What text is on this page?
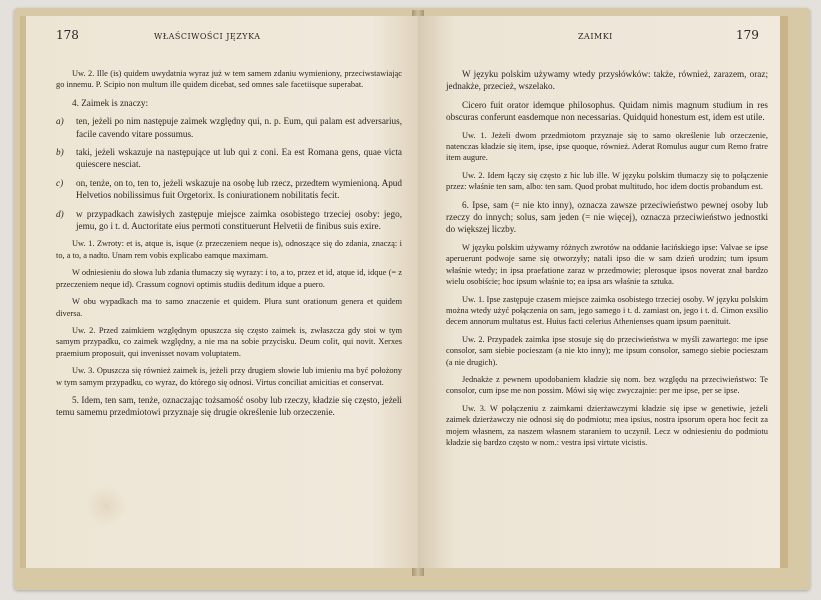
178	WŁAŚCIWOŚCI JĘZYKA

Uw. 2. Ille (is) quidem uwydatnia wyraz już w tem samem zdaniu wymieniony, przeciwstawiając go innemu. P. Scipio non multum ille quidem dicebat, sed omnes sale facetiisque superabat.

4. Zaimek is znaczy:

a) ten, jeżeli po nim następuje zaimek względny qui, n. p. Eum, qui palam est adversarius, facile cavendo vitare possumus.
b) taki, jeżeli wskazuje na następujące ut lub qui z coni. Ea est Romana gens, quae victa quiescere nesciat.
c) on, tenże, on to, ten to, jeżeli wskazuje na osobę lub rzecz, przedtem wymienioną. Apud Helvetios nobilissimus fuit Orgetorix. Is coniurationem nobilitatis fecit.
d) w przypadkach zawisłych zastępuje miejsce zaimka osobistego trzeciej osoby: jego, jemu, go i t. d. Auctoritate eius permoti constituerunt Helvetii de finibus suis exire.

Uw. 1. Zwroty: et is, atque is, isque (z przeczeniem neque is), odnoszące się do zdania, znaczą: i to, a to, a nadto. Unam rem vobis explicabo eamque maximam.

W odniesieniu do słowa lub zdania tłumaczy się wyrazy: i to, a to, przez et id, atque id, idque (= z przeczeniem neque id). Crassum cognovi optimis studiis deditum idque a puero.

W obu wypadkach ma to samo znaczenie et quidem. Plura sunt orationum genera et quidem diversa.

Uw. 2. Przed zaimkiem względnym opuszcza się często zaimek is, zwłaszcza gdy stoi w tym samym przypadku, co zaimek względny, a nie ma na sobie przycisku. Deum colit, qui novit. Xerxes praemium proposuit, qui invenisset novam voluptatem.

Uw. 3. Opuszcza się również zaimek is, jeżeli przy drugiem słowie lub imieniu ma być położony w tym samym przypadku, co wyraz, do którego się odnosi. Virtus conciliat amicitias et conservat.

5. Idem, ten sam, tenże, oznaczając tożsamość osoby lub rzeczy, kładzie się często, jeżeli temu samemu przedmiotowi przyznaje się drugie określenie lub orzeczenie.

ZAIMKI	179

W języku polskim używamy wtedy przysłówków: także, również, zarazem, oraz; jednakże, przecież, wszelako.

Cicero fuit orator idemque philosophus. Quidam nimis magnum studium in res obscuras conferunt easdemque non necessarias. Quidquid honestum est, idem est utile.

Uw. 1. Jeżeli dwom przedmiotom przyznaje się to samo określenie lub orzeczenie, natenczas kładzie się item, ipse, ipse quoque, również. Aderat Romulus augur cum Remo fratre item augure.

Uw. 2. Idem łączy się często z hic lub ille. W języku polskim tłumaczy się to połączenie przez: właśnie ten sam, albo: ten sam. Quod probat multitudo, hoc idem doctis probandum est.

6. Ipse, sam (= nie kto inny), oznacza zawsze przeciwieństwo pewnej osoby lub rzeczy do innych; solus, sam jeden (= nie więcej), oznacza przeciwieństwo jednostki do większej liczby.

W języku polskim używamy różnych zwrotów na oddanie łacińskiego ipse: Valvae se ipse aperuerunt podwoje same się otworzyły; natali ipso die w sam dzień urodzin; tum ipsum właśnie wtedy; in ipsa praefatione zaraz w przedmowie; plerosque ipsos noverat znał bardzo wielu osobiście; hoc ipsum właśnie to; ea ipsa ars właśnie ta sztuka.

Uw. 1. Ipse zastępuje czasem miejsce zaimka osobistego trzeciej osoby. W języku polskim można wtedy użyć połączenia on sam, jego samego i t. d. zamiast on, jego i t. d. Cimon exsilio decem annorum multatus est. Huius facti celerius Athenienses quam ipsum paenituit.

Uw. 2. Przypadek zaimka ipse stosuje się do przeciwieństwa w myśli zawartego: me ipse consolor, sam siebie pocieszam (a nie kto inny); me ipsum consolor, samego siebie pocieszam (a nie drugich).

Jednakże z pewnem upodobaniem kładzie się nom. bez względu na przeciwieństwo: Te consolor, cum ipse me non possim. Mówi się więc zwyczajnie: per me ipse, per se ipse.

Uw. 3. W połączeniu z zaimkami dzierżawczymi kładzie się ipse w genetiwie, jeżeli zaimek dzierżawczy nie odnosi się do podmiotu; mea ipsius, nostra ipsorum opera hoc fecit za mojem własnem, za naszem własnem staraniem to uczynił. Lecz w odniesieniu do podmiotu kładzie się bardzo często w nom.: vestra ipsi virtute vicistis.
